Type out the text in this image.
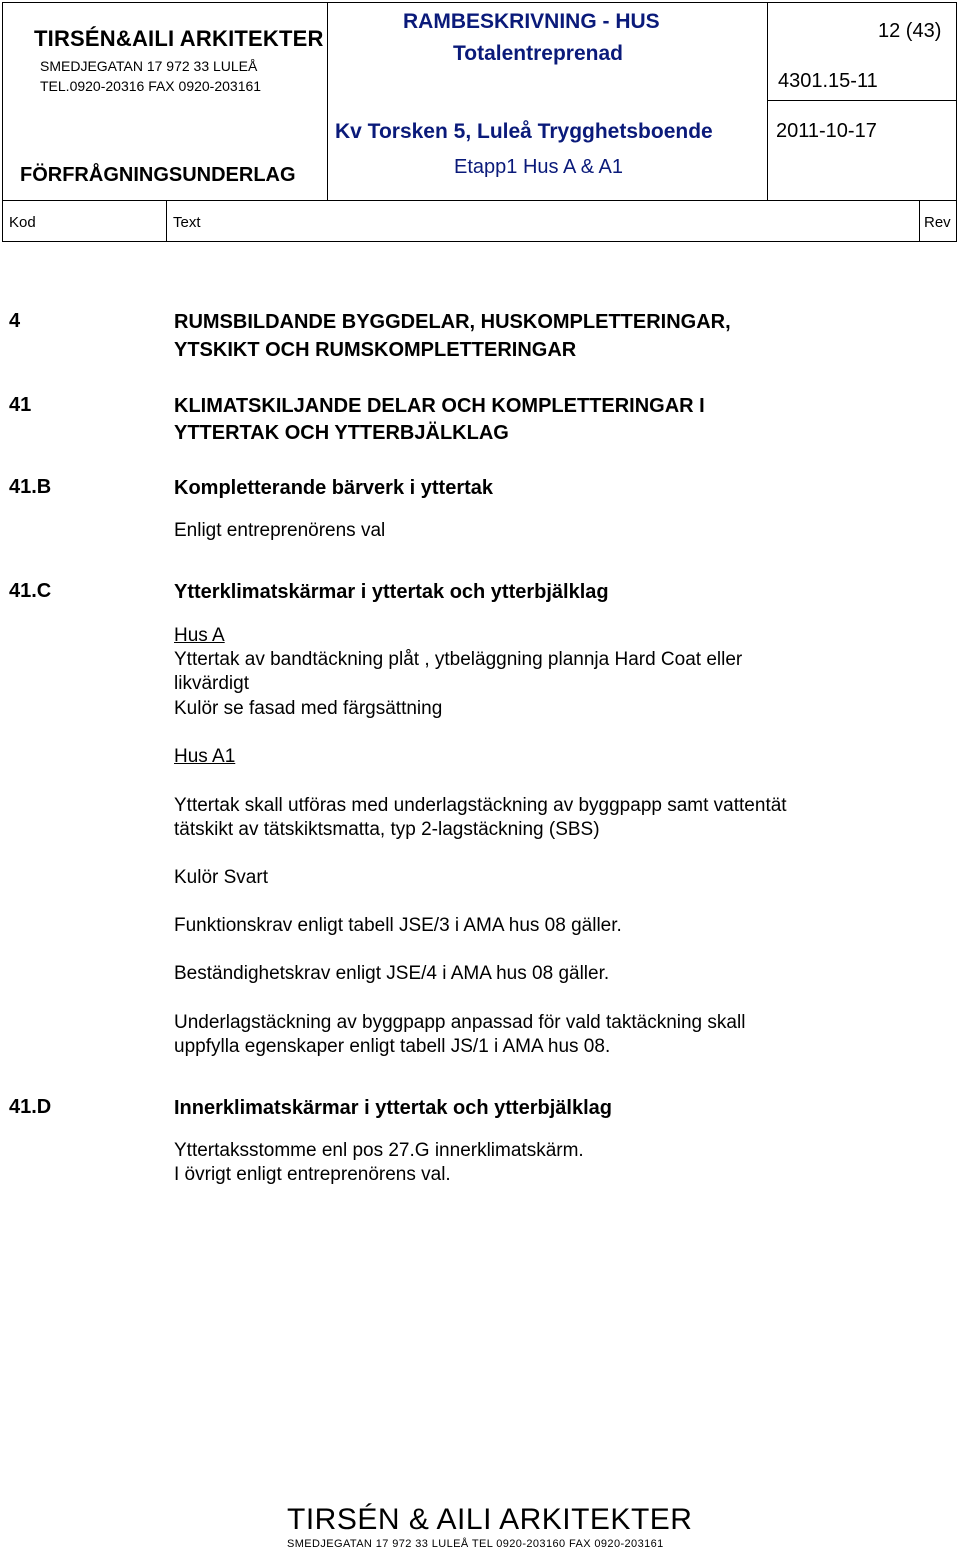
TIRSÉN&AILI ARKITEKTER
SMEDJEGATAN 17 972 33 LULEÅ
TEL.0920-20316 FAX 0920-203161
FÖRFRÅGNINGSUNDERLAG
RAMBESKRIVNING - HUS
Totalentreprenad
Kv Torsken 5, Luleå Trygghetsboende
Etapp1 Hus A & A1
12 (43)
4301.15-11
2011-10-17
Kod	Text	Rev
4	RUMSBILDANDE BYGGDELAR, HUSKOMPLETTERINGAR,
YTSKIKT OCH RUMSKOMPLETTERINGAR
41	KLIMATSKILJANDE DELAR OCH KOMPLETTERINGAR I
YTTERTAK OCH YTTERBJÄLKLAG
41.B	Kompletterande bärverk i yttertak
Enligt entreprenörens val
41.C	Ytterklimatskärmar i yttertak och ytterbjälklag
Hus A
Yttertak av bandtäckning plåt , ytbeläggning plannja Hard Coat eller
likvärdigt
Kulör se fasad med färgsättning
Hus A1
Yttertak skall utföras med underlagstäckning av byggpapp samt vattentät
tätskikt av tätskiktsmatta, typ 2-lagstäckning (SBS)
Kulör Svart
Funktionskrav enligt tabell JSE/3 i AMA hus 08 gäller.
Beständighetskrav enligt JSE/4 i AMA hus 08 gäller.
Underlagstäckning av byggpapp anpassad för vald taktäckning skall
uppfylla egenskaper enligt tabell JS/1 i AMA hus 08.
41.D	Innerklimatskärmar i yttertak och ytterbjälklag
Yttertaksstomme enl pos 27.G innerklimatskärm.
I övrigt enligt entreprenörens val.
TIRSÉN & AILI ARKITEKTER
SMEDJEGATAN 17 972 33 LULEÅ TEL 0920-203160 FAX 0920-203161
